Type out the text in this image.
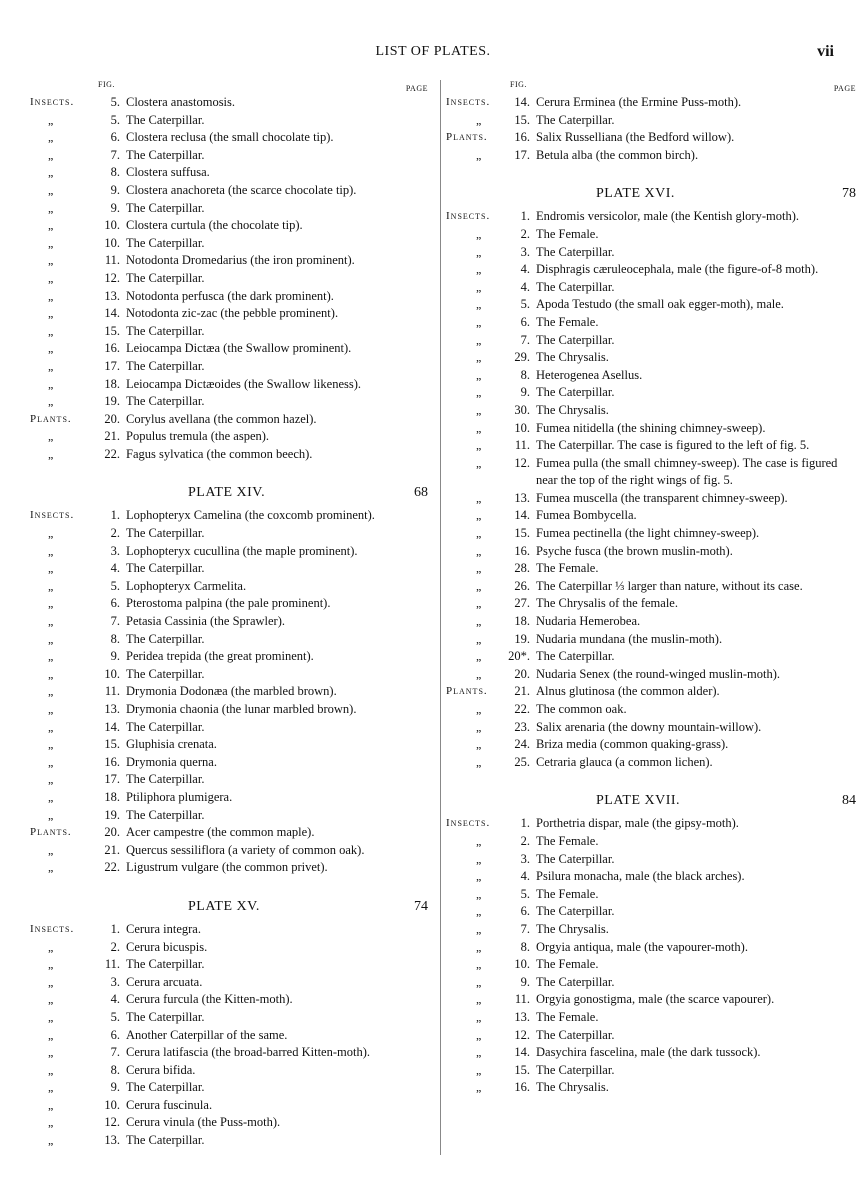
LIST OF PLATES.	vii
FIG.	PAGE
Insects.	5. Clostera anastomosis.
„	5. The Caterpillar.
„	6. Clostera reclusa (the small chocolate tip).
„	7. The Caterpillar.
„	8. Clostera suffusa.
„	9. Clostera anachoreta (the scarce chocolate tip).
„	9. The Caterpillar.
„	10. Clostera curtula (the chocolate tip).
„	10. The Caterpillar.
„	11. Notodonta Dromedarius (the iron prominent).
„	12. The Caterpillar.
„	13. Notodonta perfusca (the dark prominent).
„	14. Notodonta zic-zac (the pebble prominent).
„	15. The Caterpillar.
„	16. Leiocampa Dictæa (the Swallow prominent).
„	17. The Caterpillar.
„	18. Leiocampa Dictæoides (the Swallow likeness).
„	19. The Caterpillar.
Plants.	20. Corylus avellana (the common hazel).
„	21. Populus tremula (the aspen).
„	22. Fagus sylvatica (the common beech).
PLATE XIV.	68
Insects.	1. Lophopteryx Camelina (the coxcomb prominent).
„	2. The Caterpillar.
„	3. Lophopteryx cucullina (the maple prominent).
„	4. The Caterpillar.
„	5. Lophopteryx Carmelita.
„	6. Pterostoma palpina (the pale prominent).
„	7. Petasia Cassinia (the Sprawler).
„	8. The Caterpillar.
„	9. Peridea trepida (the great prominent).
„	10. The Caterpillar.
„	11. Drymonia Dodonæa (the marbled brown).
„	13. Drymonia chaonia (the lunar marbled brown).
„	14. The Caterpillar.
„	15. Gluphisia crenata.
„	16. Drymonia querna.
„	17. The Caterpillar.
„	18. Ptiliphora plumigera.
„	19. The Caterpillar.
Plants.	20. Acer campestre (the common maple).
„	21. Quercus sessiliflora (a variety of common oak).
„	22. Ligustrum vulgare (the common privet).
PLATE XV.	74
Insects.	1. Cerura integra.
„	2. Cerura bicuspis.
„	11. The Caterpillar.
„	3. Cerura arcuata.
„	4. Cerura furcula (the Kitten-moth).
„	5. The Caterpillar.
„	6. Another Caterpillar of the same.
„	7. Cerura latifascia (the broad-barred Kitten-moth).
„	8. Cerura bifida.
„	9. The Caterpillar.
„	10. Cerura fuscinula.
„	12. Cerura vinula (the Puss-moth).
„	13. The Caterpillar.
FIG.	PAGE
Insects.	14. Cerura Erminea (the Ermine Puss-moth).
„	15. The Caterpillar.
Plants.	16. Salix Russelliana (the Bedford willow).
„	17. Betula alba (the common birch).
PLATE XVI.	78
Insects.	1. Endromis versicolor, male (the Kentish glory-moth).
„	2. The Female.
„	3. The Caterpillar.
„	4. Disphragis cæruleocephala, male (the figure-of-8 moth).
„	4. The Caterpillar.
„	5. Apoda Testudo (the small oak egger-moth), male.
„	6. The Female.
„	7. The Caterpillar.
„	29. The Chrysalis.
„	8. Heterogenea Asellus.
„	9. The Caterpillar.
„	30. The Chrysalis.
„	10. Fumea nitidella (the shining chimney-sweep).
„	11. The Caterpillar. The case is figured to the left of fig. 5.
„	12. Fumea pulla (the small chimney-sweep). The case is figured near the top of the right wings of fig. 5.
„	13. Fumea muscella (the transparent chimney-sweep).
„	14. Fumea Bombycella.
„	15. Fumea pectinella (the light chimney-sweep).
„	16. Psyche fusca (the brown muslin-moth).
„	28. The Female.
„	26. The Caterpillar ⅓ larger than nature, without its case.
„	27. The Chrysalis of the female.
„	18. Nudaria Hemerobea.
„	19. Nudaria mundana (the muslin-moth).
„	20*. The Caterpillar.
„	20. Nudaria Senex (the round-winged muslin-moth).
Plants.	21. Alnus glutinosa (the common alder).
„	22. The common oak.
„	23. Salix arenaria (the downy mountain-willow).
„	24. Briza media (common quaking-grass).
„	25. Cetraria glauca (a common lichen).
PLATE XVII.	84
Insects.	1. Porthetria dispar, male (the gipsy-moth).
„	2. The Female.
„	3. The Caterpillar.
„	4. Psilura monacha, male (the black arches).
„	5. The Female.
„	6. The Caterpillar.
„	7. The Chrysalis.
„	8. Orgyia antiqua, male (the vapourer-moth).
„	10. The Female.
„	9. The Caterpillar.
„	11. Orgyia gonostigma, male (the scarce vapourer).
„	13. The Female.
„	12. The Caterpillar.
„	14. Dasychira fascelina, male (the dark tussock).
„	15. The Caterpillar.
„	16. The Chrysalis.
